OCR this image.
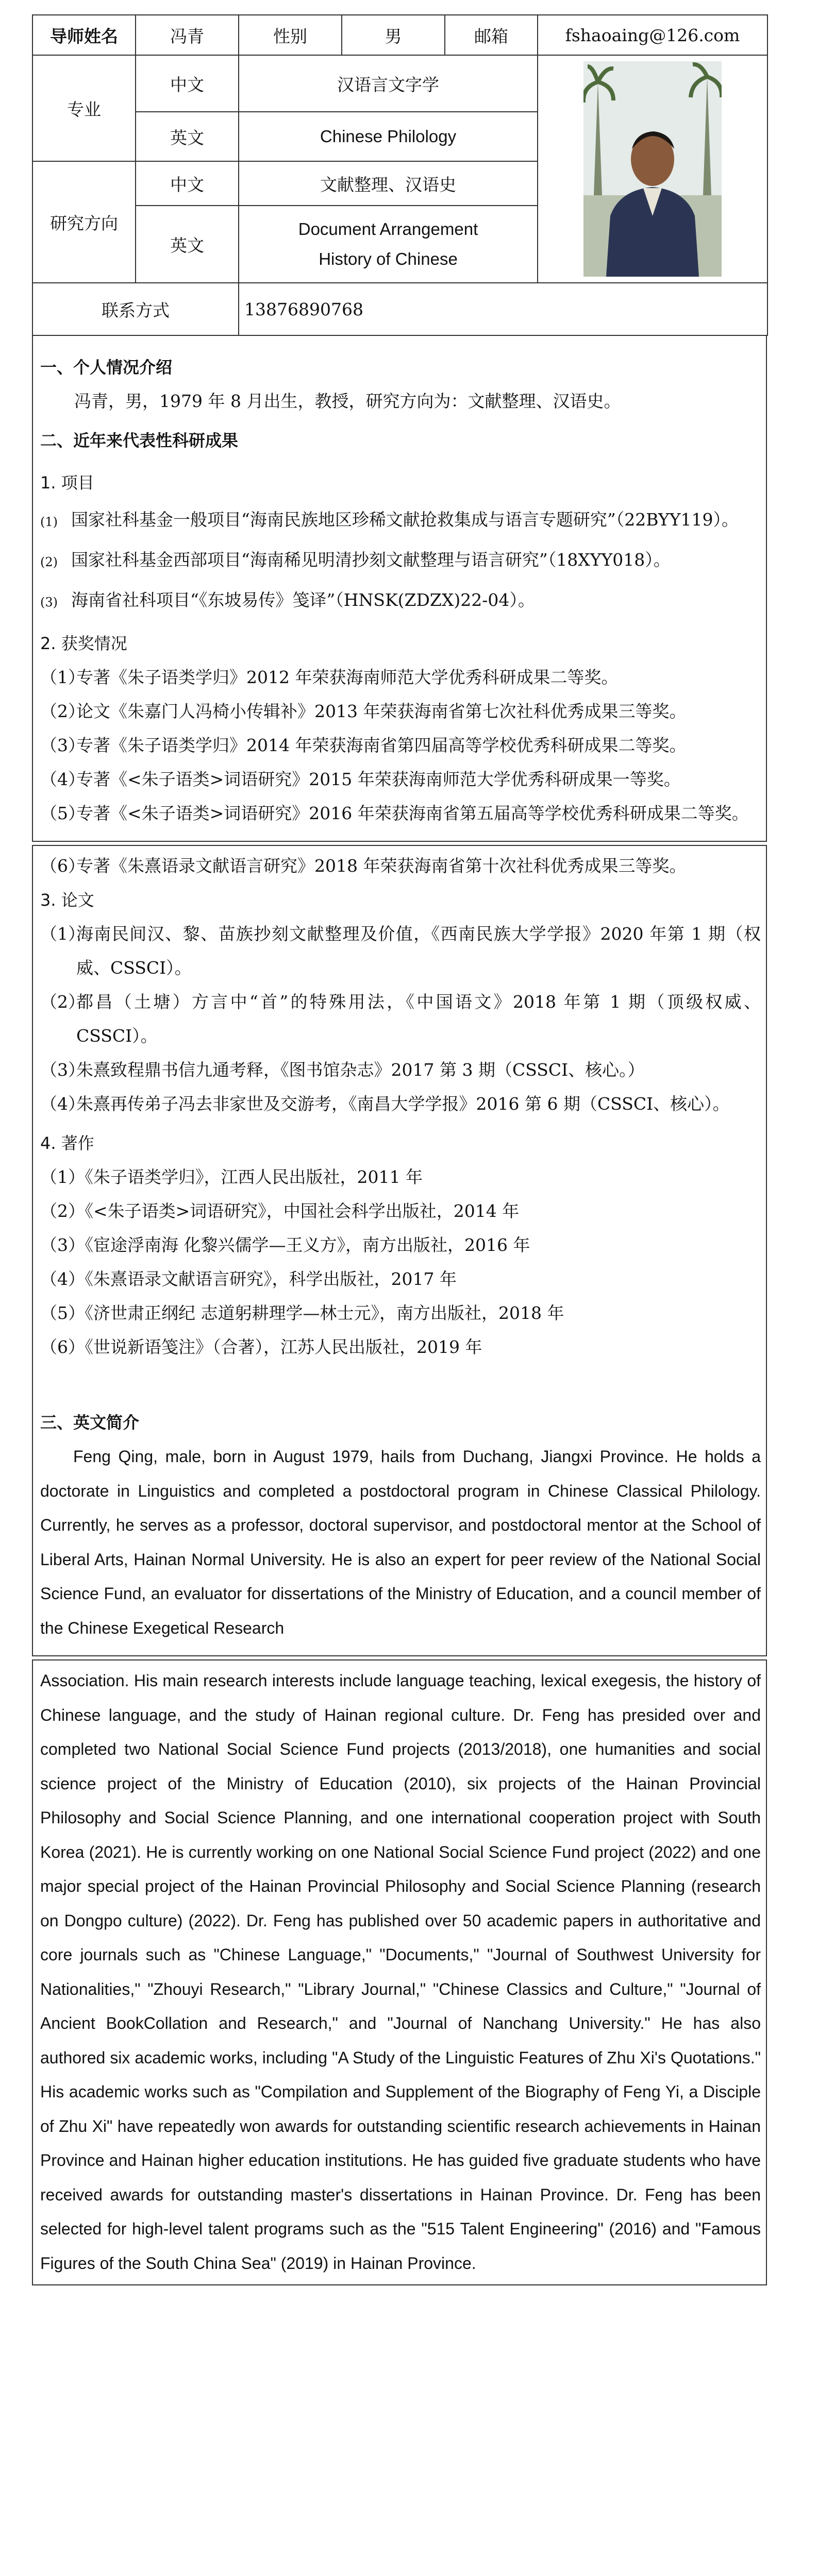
导师姓名	冯青	性别	男	邮箱	fshaoaing@126.com
专业	中文	汉语言文字学	

	英文	Chinese Philology			
研究方向	中文	文献整理、汉语史			
	英文	Document Arrangement
History of Chinese			

联系方式		13876890768			
一、个人情况介绍
冯青，男，1979 年 8 月出生，教授，研究方向为：文献整理、汉语史。
二、近年来代表性科研成果
1. 项目
(1) 国家社科基金一般项目“海南民族地区珍稀文献抢救集成与语言专题研究”（22BYY119）。
(2) 国家社科基金西部项目“海南稀见明清抄刻文献整理与语言研究”（18XYY018）。
(3) 海南省社科项目“《东坡易传》笺译”（HNSK(ZDZX)22-04）。
2. 获奖情况
（1）
专著《朱子语类学归》2012 年荣获海南师范大学优秀科研成果二等奖。
（2）
论文《朱嘉门人冯椅小传辑补》2013 年荣获海南省第七次社科优秀成果三等奖。
（3）
专著《朱子语类学归》2014 年荣获海南省第四届高等学校优秀科研成果二等奖。
（4）
专著《<朱子语类>词语研究》2015 年荣获海南师范大学优秀科研成果一等奖。
（5）
专著《<朱子语类>词语研究》2016 年荣获海南省第五届高等学校优秀科研成果二等奖。
（6）
专著《朱熹语录文献语言研究》2018 年荣获海南省第十次社科优秀成果三等奖。
3. 论文
（1）
海南民间汉、黎、苗族抄刻文献整理及价值，《西南民族大学学报》2020 年第 1 期（权威、CSSCI）。
（2）
都昌（土塘）方言中“首”的特殊用法，《中国语文》2018 年第 1 期（顶级权威、CSSCI）。
（3）
朱熹致程鼎书信九通考释，《图书馆杂志》2017 第 3 期（CSSCI、核心。）
（4）
朱熹再传弟子冯去非家世及交游考，《南昌大学学报》2016 第 6 期（CSSCI、核心）。
4. 著作
（1）
《朱子语类学归》，江西人民出版社，2011 年
（2）
《<朱子语类>词语研究》，中国社会科学出版社，2014 年
（3）
《宦途浮南海 化黎兴儒学—王义方》，南方出版社，2016 年
（4）
《朱熹语录文献语言研究》，科学出版社，2017 年
（5）
《济世肃正纲纪 志道躬耕理学—林士元》，南方出版社，2018 年
（6）
《世说新语笺注》（合著），江苏人民出版社，2019 年
三、英文简介
Feng Qing, male, born in August 1979, hails from Duchang, Jiangxi Province. He holds a doctorate in Linguistics and completed a postdoctoral program in Chinese Classical Philology. Currently, he serves as a professor, doctoral supervisor, and postdoctoral mentor at the School of Liberal Arts, Hainan Normal University. He is also an expert for peer review of the National Social Science Fund, an evaluator for dissertations of the Ministry of Education, and a council member of the Chinese Exegetical Research
Association. His main research interests include language teaching, lexical exegesis, the history of Chinese language, and the study of Hainan regional culture. Dr. Feng has presided over and completed two National Social Science Fund projects (2013/2018), one humanities and social science project of the Ministry of Education (2010), six projects of the Hainan Provincial Philosophy and Social Science Planning, and one international cooperation project with South Korea (2021). He is currently working on one National Social Science Fund project (2022) and one major special project of the Hainan Provincial Philosophy and Social Science Planning (research on Dongpo culture) (2022). Dr. Feng has published over 50 academic papers in authoritative and core journals such as "Chinese Language," "Documents," "Journal of Southwest University for Nationalities," "Zhouyi Research," "Library Journal," "Chinese Classics and Culture," "Journal of Ancient BookCollation and Research," and "Journal of Nanchang University." He has also authored six academic works, including "A Study of the Linguistic Features of Zhu Xi's Quotations." His academic works such as "Compilation and Supplement of the Biography of Feng Yi, a Disciple of Zhu Xi" have repeatedly won awards for outstanding scientific research achievements in Hainan Province and Hainan higher education institutions. He has guided five graduate students who have received awards for outstanding master's dissertations in Hainan Province. Dr. Feng has been selected for high-level talent programs such as the "515 Talent Engineering" (2016) and "Famous Figures of the South China Sea" (2019) in Hainan Province.
